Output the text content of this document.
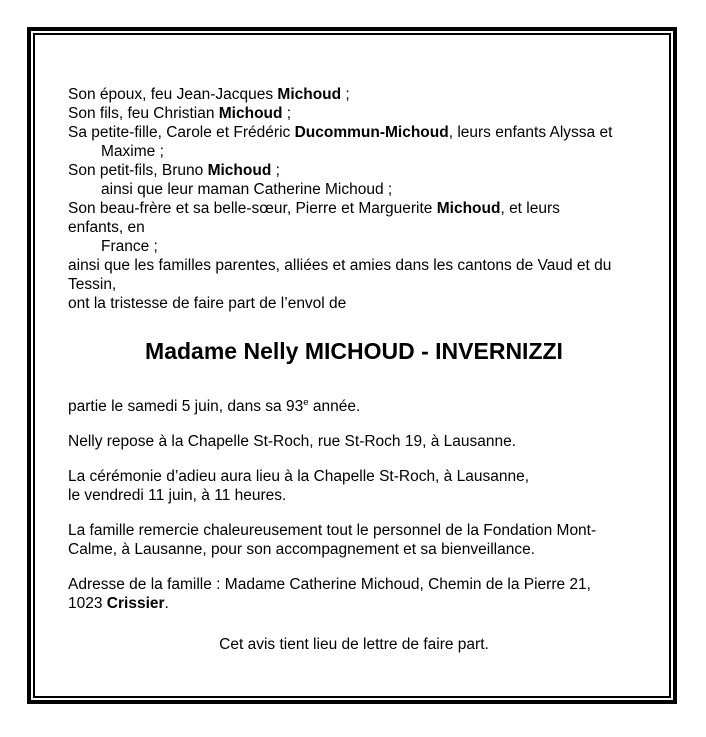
Son époux, feu Jean-Jacques Michoud ;
Son fils, feu Christian Michoud ;
Sa petite-fille, Carole et Frédéric Ducommun-Michoud, leurs enfants Alyssa et
Maxime ;
Son petit-fils, Bruno Michoud ;
ainsi que leur maman Catherine Michoud ;
Son beau-frère et sa belle-sœur, Pierre et Marguerite Michoud, et leurs
enfants, en
France ;
ainsi que les familles parentes, alliées et amies dans les cantons de Vaud et du
Tessin,
ont la tristesse de faire part de l’envol de
Madame Nelly MICHOUD - INVERNIZZI
partie le samedi 5 juin, dans sa 93e année.
Nelly repose à la Chapelle St-Roch, rue St-Roch 19, à Lausanne.
La cérémonie d’adieu aura lieu à la Chapelle St-Roch, à Lausanne,
le vendredi 11 juin, à 11 heures.
La famille remercie chaleureusement tout le personnel de la Fondation Mont-
Calme, à Lausanne, pour son accompagnement et sa bienveillance.
Adresse de la famille : Madame Catherine Michoud, Chemin de la Pierre 21,
1023 Crissier.
Cet avis tient lieu de lettre de faire part.
